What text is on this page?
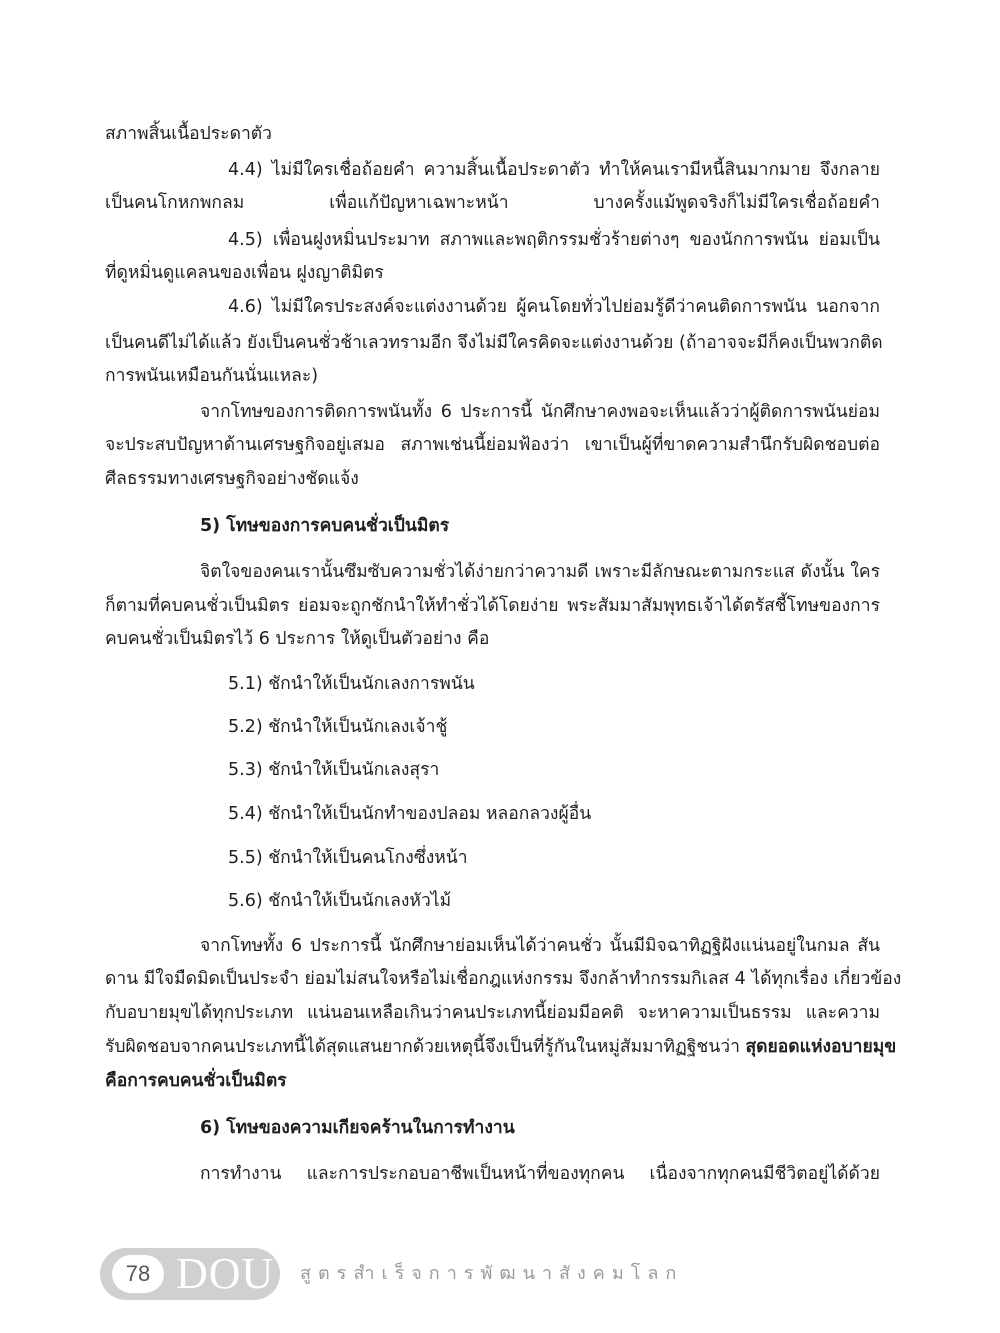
สภาพสิ้นเนื้อประดาตัว
4.4) ไม่มีใครเชื่อถ้อยคำ ความสิ้นเนื้อประดาตัว ทำให้คนเรามีหนี้สินมากมาย จึงกลาย
เป็นคนโกหกพกลม เพื่อแก้ปัญหาเฉพาะหน้า บางครั้งแม้พูดจริงก็ไม่มีใครเชื่อถ้อยคำ
4.5) เพื่อนฝูงหมิ่นประมาท สภาพและพฤติกรรมชั่วร้ายต่างๆ ของนักการพนัน ย่อมเป็น
ที่ดูหมิ่นดูแคลนของเพื่อน ฝูงญาติมิตร
4.6) ไม่มีใครประสงค์จะแต่งงานด้วย ผู้คนโดยทั่วไปย่อมรู้ดีว่าคนติดการพนัน นอกจาก
เป็นคนดีไม่ได้แล้ว ยังเป็นคนชั่วช้าเลวทรามอีก จึงไม่มีใครคิดจะแต่งงานด้วย (ถ้าอาจจะมีก็คงเป็นพวกติด
การพนันเหมือนกันนั่นแหละ)
จากโทษของการติดการพนันทั้ง 6 ประการนี้ นักศึกษาคงพอจะเห็นแล้วว่าผู้ติดการพนันย่อม
จะประสบปัญหาด้านเศรษฐกิจอยู่เสมอ สภาพเช่นนี้ย่อมฟ้องว่า เขาเป็นผู้ที่ขาดความสำนึกรับผิดชอบต่อ
ศีลธรรมทางเศรษฐกิจอย่างชัดแจ้ง
5) โทษของการคบคนชั่วเป็นมิตร
จิตใจของคนเรานั้นซึมซับความชั่วได้ง่ายกว่าความดี เพราะมีลักษณะตามกระแส ดังนั้น ใคร
ก็ตามที่คบคนชั่วเป็นมิตร ย่อมจะถูกชักนำให้ทำชั่วได้โดยง่าย พระสัมมาสัมพุทธเจ้าได้ตรัสชี้โทษของการ
คบคนชั่วเป็นมิตรไว้ 6 ประการ ให้ดูเป็นตัวอย่าง คือ
5.1) ชักนำให้เป็นนักเลงการพนัน
5.2) ชักนำให้เป็นนักเลงเจ้าชู้
5.3) ชักนำให้เป็นนักเลงสุรา
5.4) ชักนำให้เป็นนักทำของปลอม หลอกลวงผู้อื่น
5.5) ชักนำให้เป็นคนโกงซึ่งหน้า
5.6) ชักนำให้เป็นนักเลงหัวไม้
จากโทษทั้ง 6 ประการนี้ นักศึกษาย่อมเห็นได้ว่าคนชั่ว นั้นมีมิจฉาทิฏฐิฝังแน่นอยู่ในกมล สัน
ดาน มีใจมืดมิดเป็นประจำ ย่อมไม่สนใจหรือไม่เชื่อกฎแห่งกรรม จึงกล้าทำกรรมกิเลส 4 ได้ทุกเรื่อง เกี่ยวข้อง
กับอบายมุขได้ทุกประเภท แน่นอนเหลือเกินว่าคนประเภทนี้ย่อมมีอคติ จะหาความเป็นธรรม และความ
รับผิดชอบจากคนประเภทนี้ได้สุดแสนยากด้วยเหตุนี้จึงเป็นที่รู้กันในหมู่สัมมาทิฏฐิชนว่า สุดยอดแห่งอบายมุข
คือการคบคนชั่วเป็นมิตร
6) โทษของความเกียจคร้านในการทำงาน
การทำงาน และการประกอบอาชีพเป็นหน้าที่ของทุกคน เนื่องจากทุกคนมีชีวิตอยู่ได้ด้วย
78 DOU สูตรสำเร็จการพัฒนาสังคมโลก
